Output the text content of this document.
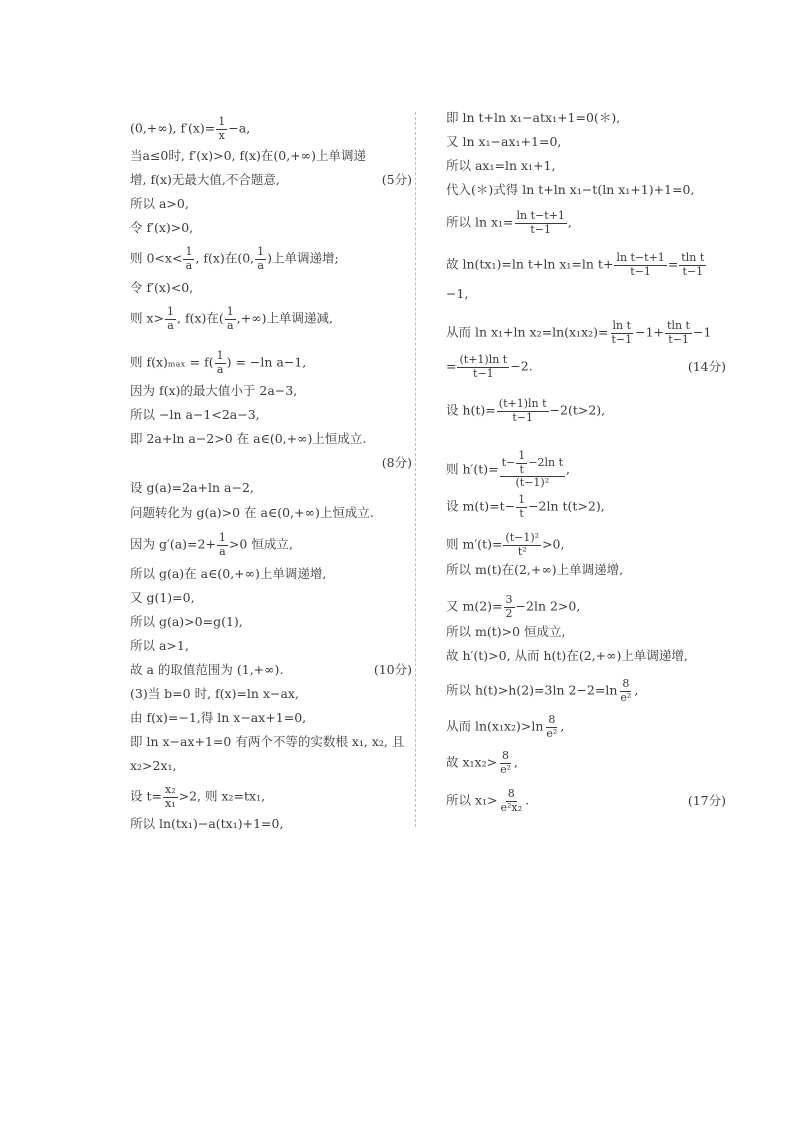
(0,+∞), $f'(x)= \frac{1}{x} -a$,
当a≤0时, f′(x)>0, f(x)在(0,+∞)上单调递
增, f(x)无最大值,不合题意,	(5分)
所以 a>0,
令 f′(x)>0,
则 $0<x< \frac{1}{a}$ , f(x)在(0, $\frac{1}{a}$ )上单调递增;
令 f′(x)<0,
则 $x> \frac{1}{a}$ , f(x)在( $\frac{1}{a}$ ,+∞)上单调递减,
则 $f(x)_{max} = f( \frac{1}{a}$ ) = −ln a−1,
因为 f(x)的最大值小于 2a−3,
所以 −ln a−1<2a−3,
即 2a+ln a−2>0 在 a∈(0,+∞)上恒成立.
(8分)
设 g(a)=2a+ln a−2,
问题转化为 g(a)>0 在 a∈(0,+∞)上恒成立.
因为 $g'(a)=2+ \frac{1}{a} >0$ 恒成立,
所以 g(a)在 a∈(0,+∞)上单调递增,
又 g(1)=0,
所以 g(a)>0=g(1),
所以 a>1,
故 a 的取值范围为 (1,+∞).	(10分)
(3)当 b=0 时, f(x)=ln x−ax,
由 f(x)=−1,得 ln x−ax+1=0,
即 ln x−ax+1=0 有两个不等的实数根 x₁, x₂, 且
x₂>2x₁,
设 $t= \frac{\text{x₂}}{\text{x₁}} >2$, 则 x₂=tx₁,
所以 ln(tx₁)−a(tx₁)+1=0,
即 ln t+ln x₁−atx₁+1=0(＊),
又 ln x₁−ax₁+1=0,
所以 ax₁=ln x₁+1,
代入(＊)式得 ln t+ln x₁−t(ln x₁+1)+1=0,
所以 $\ln x_1= \frac{\text{ln t−t+1}}{t-1}$ ,
故 ln(tx₁)=ln t+ln x₁=ln $t+ \frac{\text{ln t−t+1}}{t-1} = \frac{\text{tln t}}{t-1}$
−1,
从而 ln x₁+ln $x_2=\ln(x_1x_2)= \frac{\text{ln t}}{t-1} -1+ \frac{\text{tln t}}{t-1} -1$
= $\frac{\text{(t+1)ln t}}{t-1} -2$.	(14分)
设 $h(t)= \frac{\text{(t+1)ln t}}{t-1} -2(t>2)$,
则 $h'(t)= \frac{t- \frac{1}{t} -2\ln t}{\text{(t−1)²}}$ ,
设 $m(t)=t- \frac{1}{t} -2\ln$ t(t>2),
则 $m'(t)= \frac{\text{(t−1)²}}{\text{t²}} >0$,
所以 m(t)在(2,+∞)上单调递增,
又 $m(2)= \frac{3}{2} -2\ln$ 2>0,
所以 m(t)>0 恒成立,
故 h′(t)>0, 从而 h(t)在(2,+∞)上单调递增,
所以 h(t)>h(2)=3ln $2-2=\ln \frac{8}{\text{e²}}$ ,
从而 $\ln(x_1x_2)>\ln \frac{8}{\text{e²}}$ ,
故 $x_1x_2> \frac{8}{\text{e²}}$ ,
所以 $x_1> \frac{8}{\text{e²x₂}}$ .	(17分)
